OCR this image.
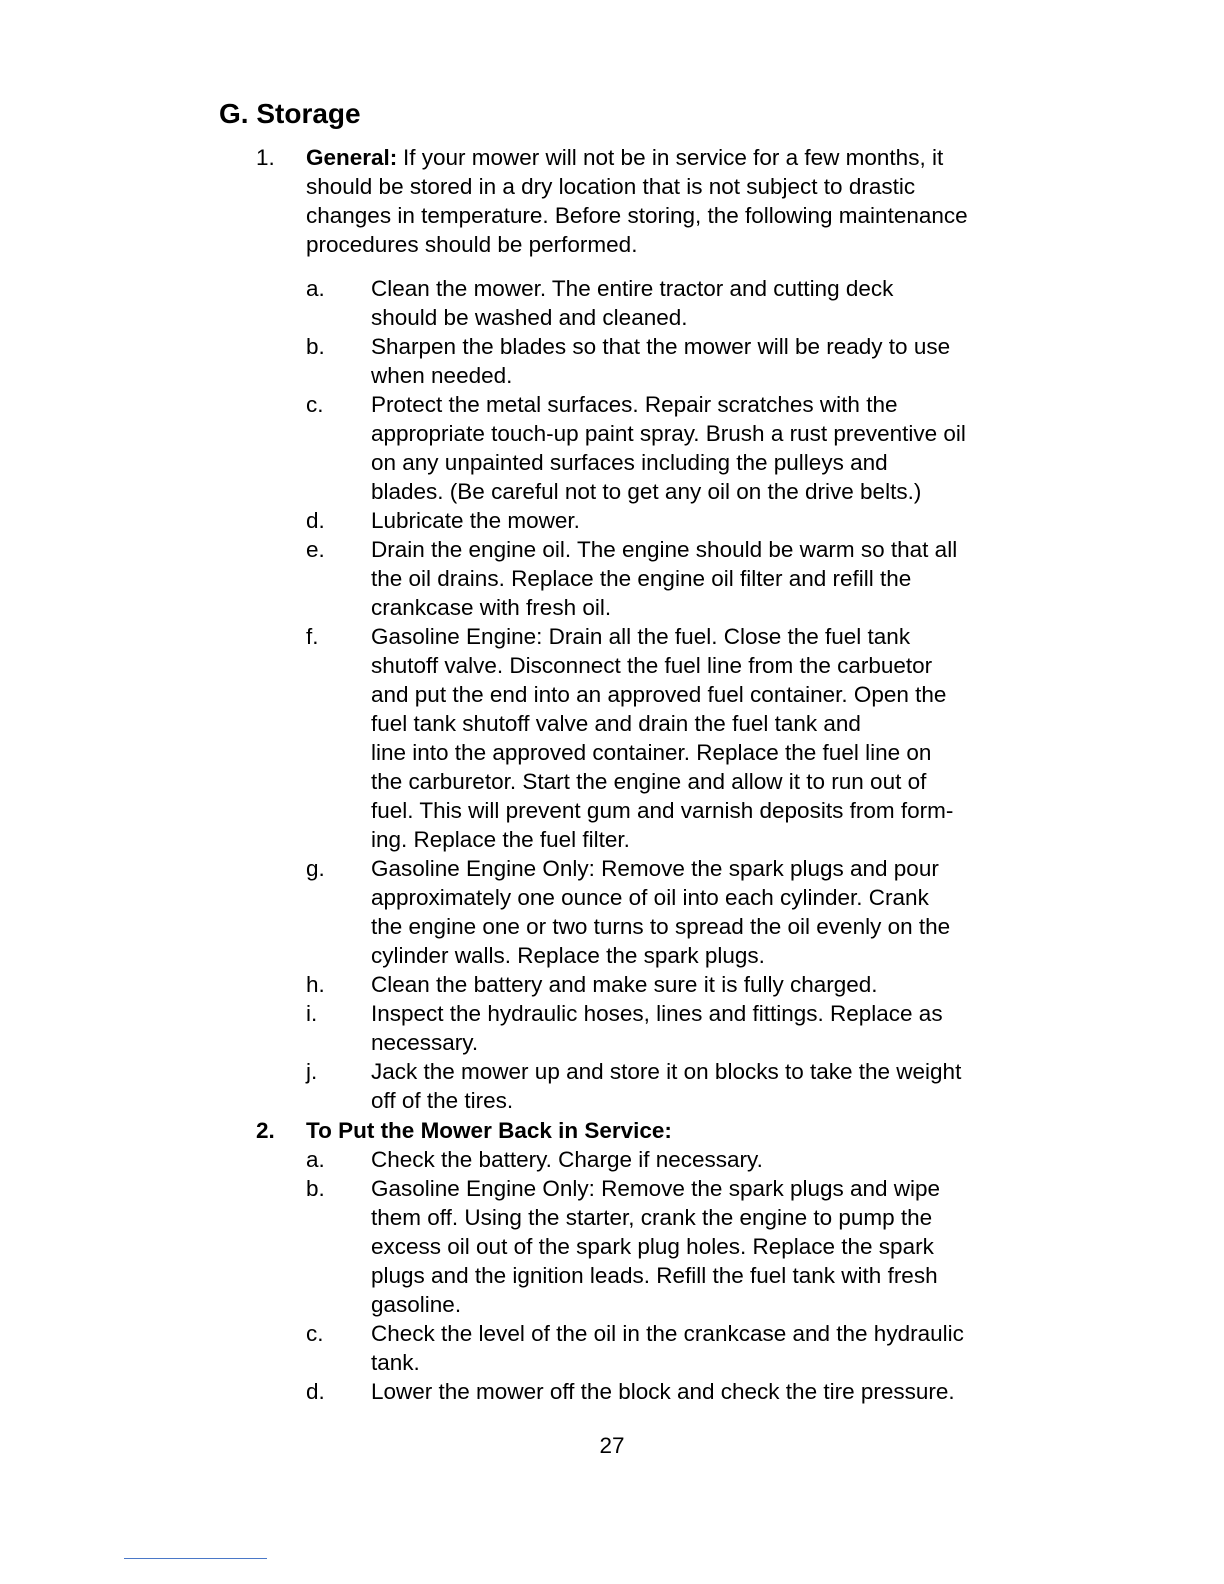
G. Storage
1. General: If your mower will not be in service for a few months, it
should be stored in a dry location that is not subject to drastic
changes in temperature. Before storing, the following maintenance
procedures should be performed.
a. Clean the mower. The entire tractor and cutting deck
should be washed and cleaned.
b. Sharpen the blades so that the mower will be ready to use
when needed.
c. Protect the metal surfaces. Repair scratches with the
appropriate touch-up paint spray. Brush a rust preventive oil
on any unpainted surfaces including the pulleys and
blades. (Be careful not to get any oil on the drive belts.)
d. Lubricate the mower.
e. Drain the engine oil. The engine should be warm so that all
the oil drains. Replace the engine oil filter and refill the
crankcase with fresh oil.
f. Gasoline Engine: Drain all the fuel. Close the fuel tank
shutoff valve. Disconnect the fuel line from the carbuetor
and put the end into an approved fuel container. Open the
fuel tank shutoff valve and drain the fuel tank and
line into the approved container. Replace the fuel line on
the carburetor. Start the engine and allow it to run out of
fuel. This will prevent gum and varnish deposits from form-
ing. Replace the fuel filter.
g. Gasoline Engine Only: Remove the spark plugs and pour
approximately one ounce of oil into each cylinder. Crank
the engine one or two turns to spread the oil evenly on the
cylinder walls. Replace the spark plugs.
h. Clean the battery and make sure it is fully charged.
i. Inspect the hydraulic hoses, lines and fittings. Replace as
necessary.
j. Jack the mower up and store it on blocks to take the weight
off of the tires.
2. To Put the Mower Back in Service:
a. Check the battery. Charge if necessary.
b. Gasoline Engine Only: Remove the spark plugs and wipe
them off. Using the starter, crank the engine to pump the
excess oil out of the spark plug holes. Replace the spark
plugs and the ignition leads. Refill the fuel tank with fresh
gasoline.
c. Check the level of the oil in the crankcase and the hydraulic
tank.
d. Lower the mower off the block and check the tire pressure.
27
